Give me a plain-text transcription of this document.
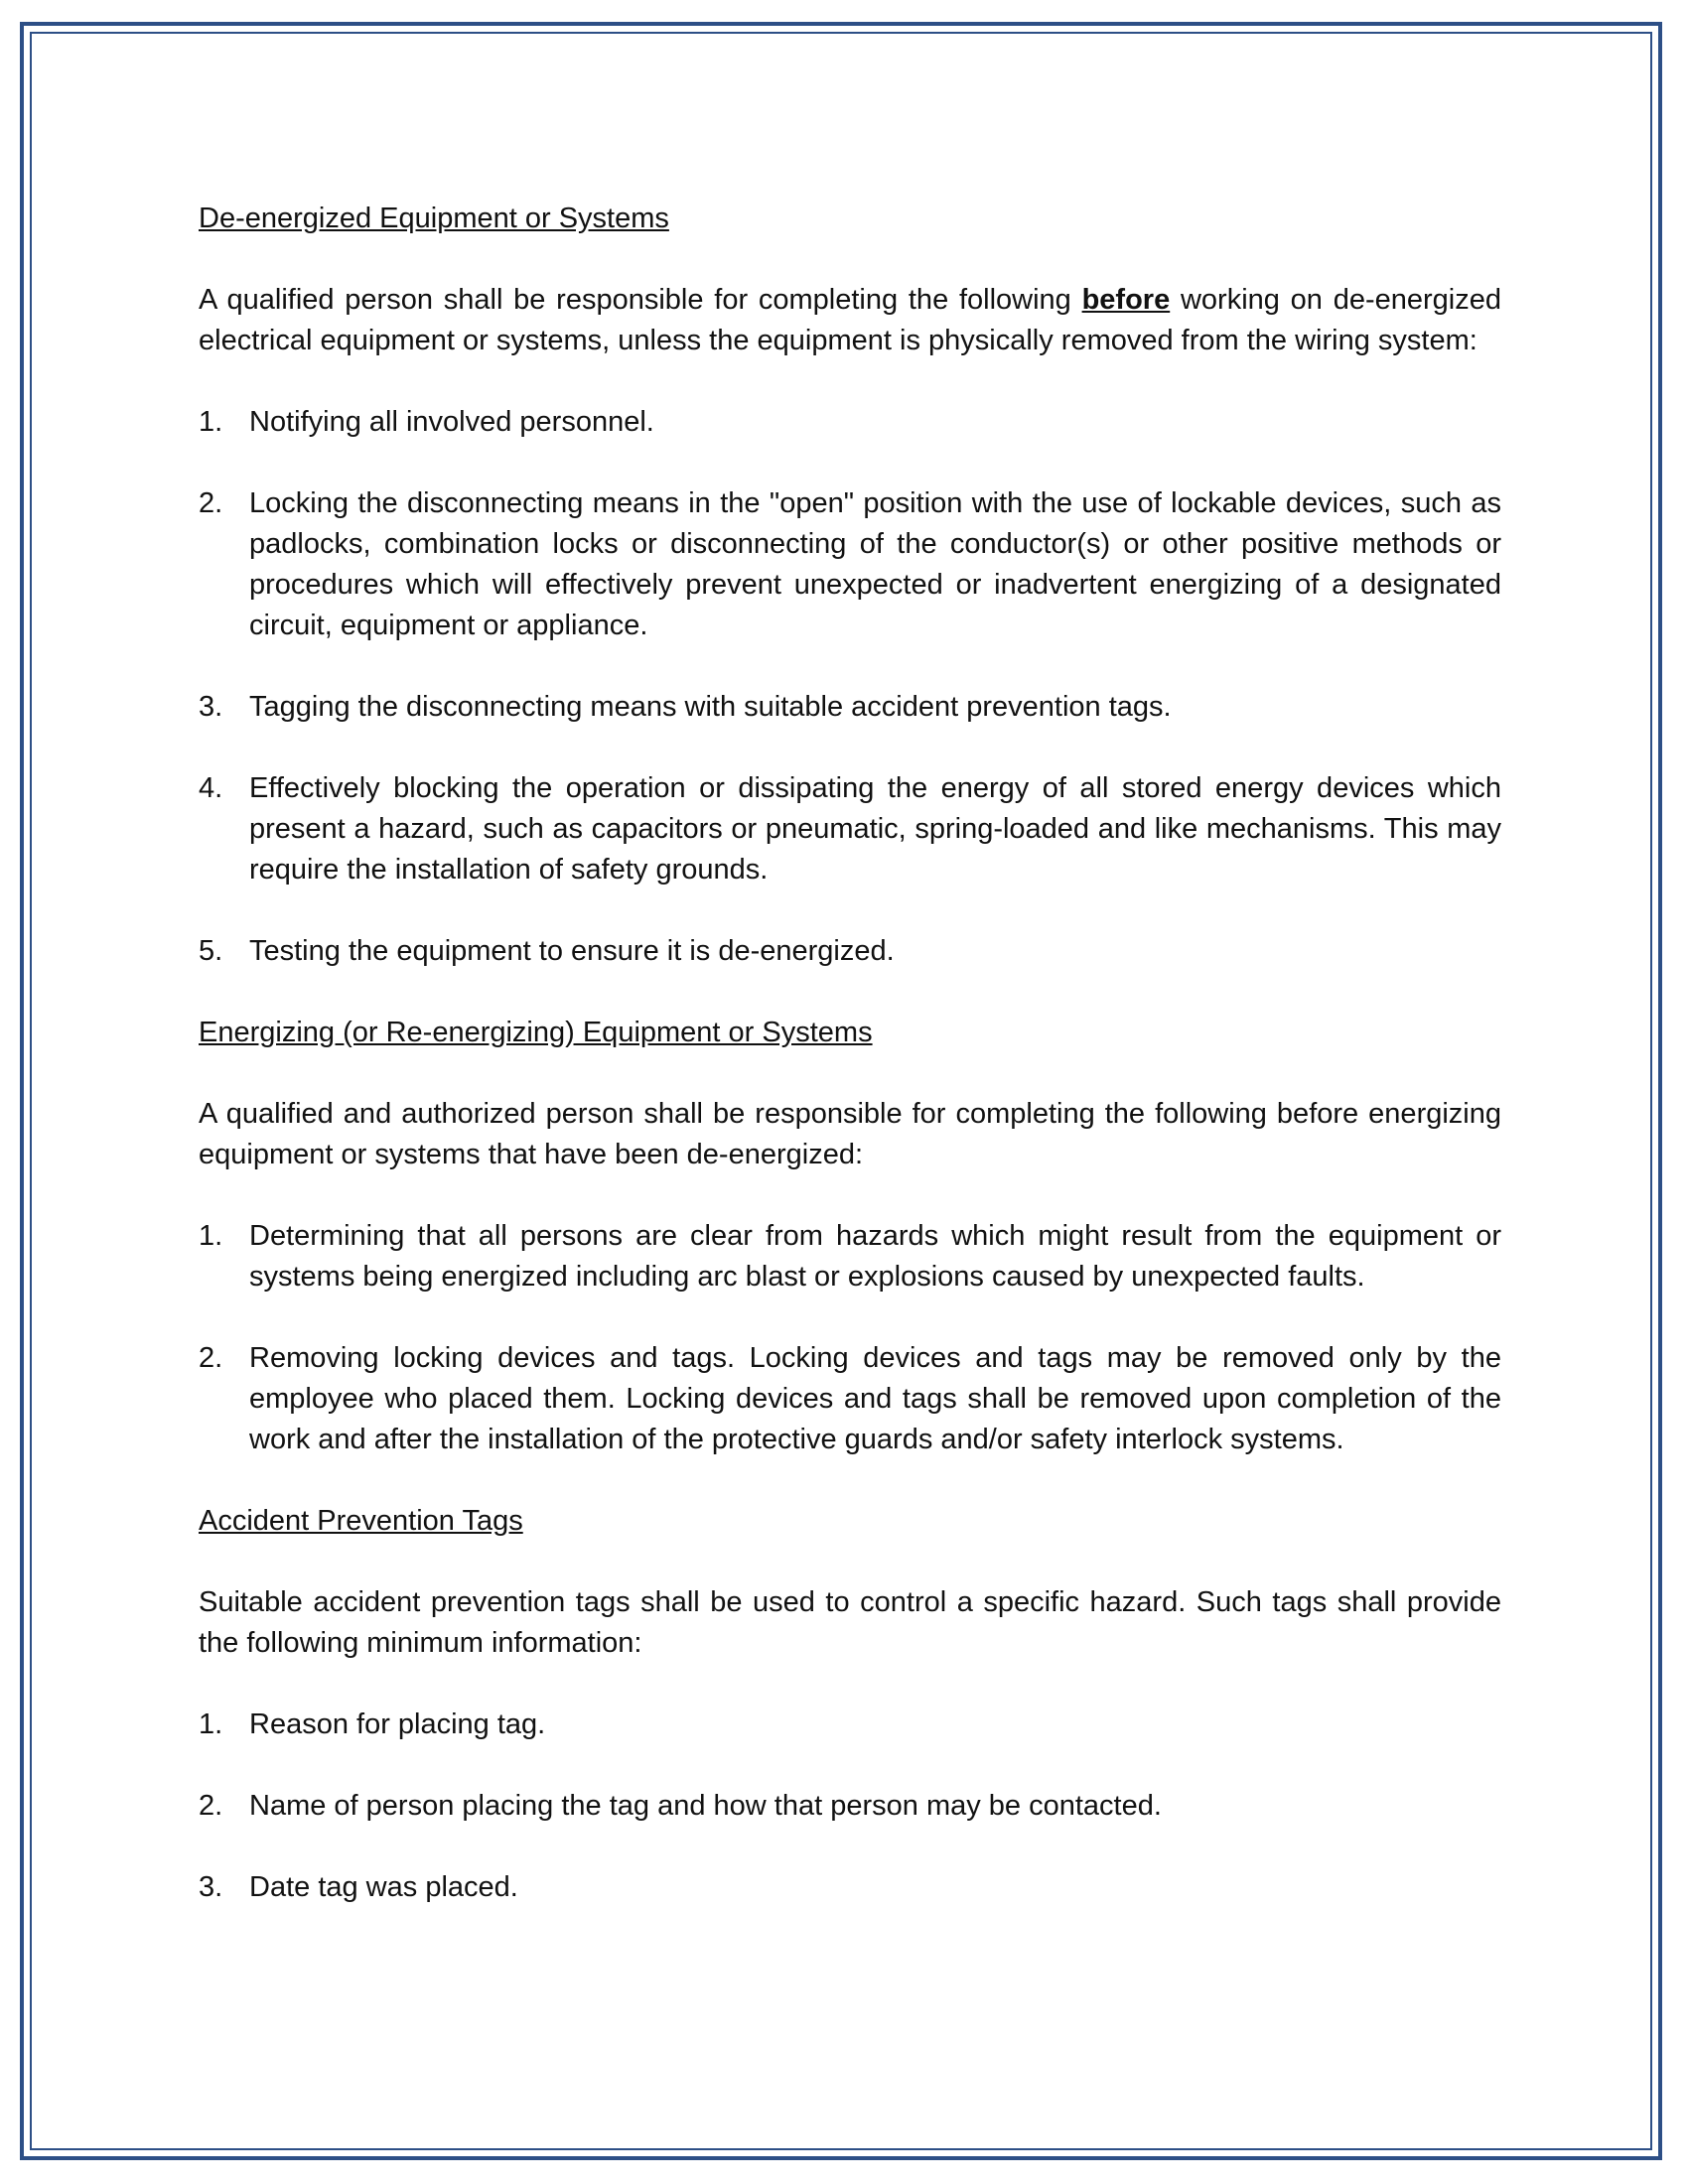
De-energized Equipment or Systems

A qualified person shall be responsible for completing the following before working on de-energized electrical equipment or systems, unless the equipment is physically removed from the wiring system:

1. Notifying all involved personnel.
2. Locking the disconnecting means in the "open" position with the use of lockable devices, such as padlocks, combination locks or disconnecting of the conductor(s) or other positive methods or procedures which will effectively prevent unexpected or inadvertent energizing of a designated circuit, equipment or appliance.
3. Tagging the disconnecting means with suitable accident prevention tags.
4. Effectively blocking the operation or dissipating the energy of all stored energy devices which present a hazard, such as capacitors or pneumatic, spring-loaded and like mechanisms. This may require the installation of safety grounds.
5. Testing the equipment to ensure it is de-energized.
Energizing (or Re-energizing) Equipment or Systems

A qualified and authorized person shall be responsible for completing the following before energizing equipment or systems that have been de-energized:

1. Determining that all persons are clear from hazards which might result from the equipment or systems being energized including arc blast or explosions caused by unexpected faults.
2. Removing locking devices and tags. Locking devices and tags may be removed only by the employee who placed them. Locking devices and tags shall be removed upon completion of the work and after the installation of the protective guards and/or safety interlock systems.
Accident Prevention Tags

Suitable accident prevention tags shall be used to control a specific hazard. Such tags shall provide the following minimum information:

1. Reason for placing tag.
2. Name of person placing the tag and how that person may be contacted.
3. Date tag was placed.
